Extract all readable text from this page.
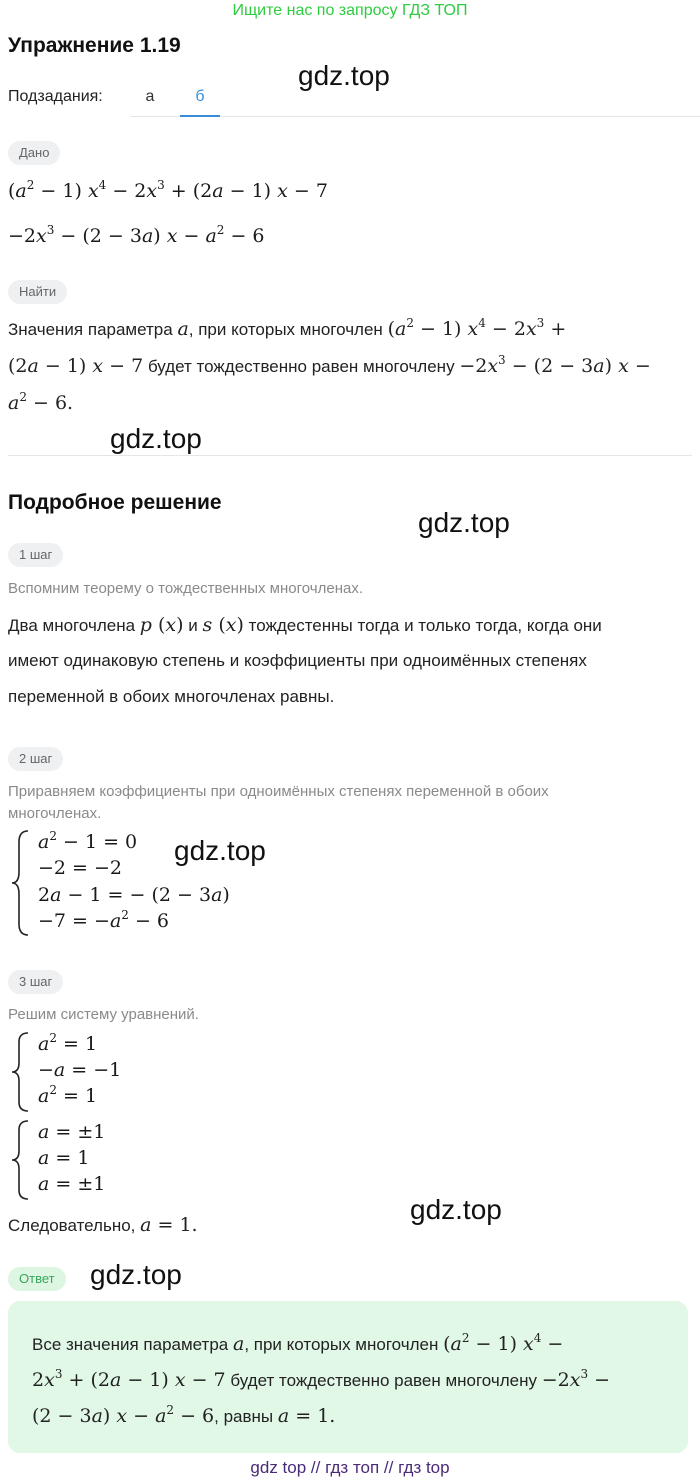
Ищите нас по запросу ГДЗ ТОП
Упражнение 1.19
gdz.top
Подзадания:	а	б
Дано
$(a^2 - 1) x^4 - 2x^3 + (2a - 1) x - 7$
$-2x^3 - (2 - 3a) x - a^2 - 6$
Найти
Значения параметра a, при которых многочлен $(a^2 - 1) x^4 - 2x^3$ +
(2a − 1) x − 7 будет тождественно равен многочлену $-2x^3 - (2 - 3a) x$ −
$a^2 - 6$.
gdz.top
Подробное решение
gdz.top
1 шаг
Вспомним теорему о тождественных многочленах.
Два многочлена p (x) и s (x) тождестенны тогда и только тогда, когда они
имеют одинаковую степень и коэффициенты при одноимённых степенях
переменной в обоих многочленах равны.
2 шаг
Приравняем коэффициенты при одноимённых степенях переменной в обоих
многочленах.
$a^2 - 1 = 0$
−2 = −2
2a − 1 = − (2 − 3a)
$-7 = -a^2 - 6$
gdz.top
3 шаг
Решим систему уравнений.
$a^2 = 1$
−a = −1
$a^2 = 1$
a = ±1
a = 1
a = ±1
Следовательно, a = 1.	gdz.top
Ответ	gdz.top
Все значения параметра a, при которых многочлен $(a^2 - 1) x^4$ −
$2x^3 + (2a - 1) x - 7$ будет тождественно равен многочлену $-2x^3$ −
(2 − 3a) $x - a^2 - 6$, равны a = 1.
gdz top // гдз топ // гдз top
